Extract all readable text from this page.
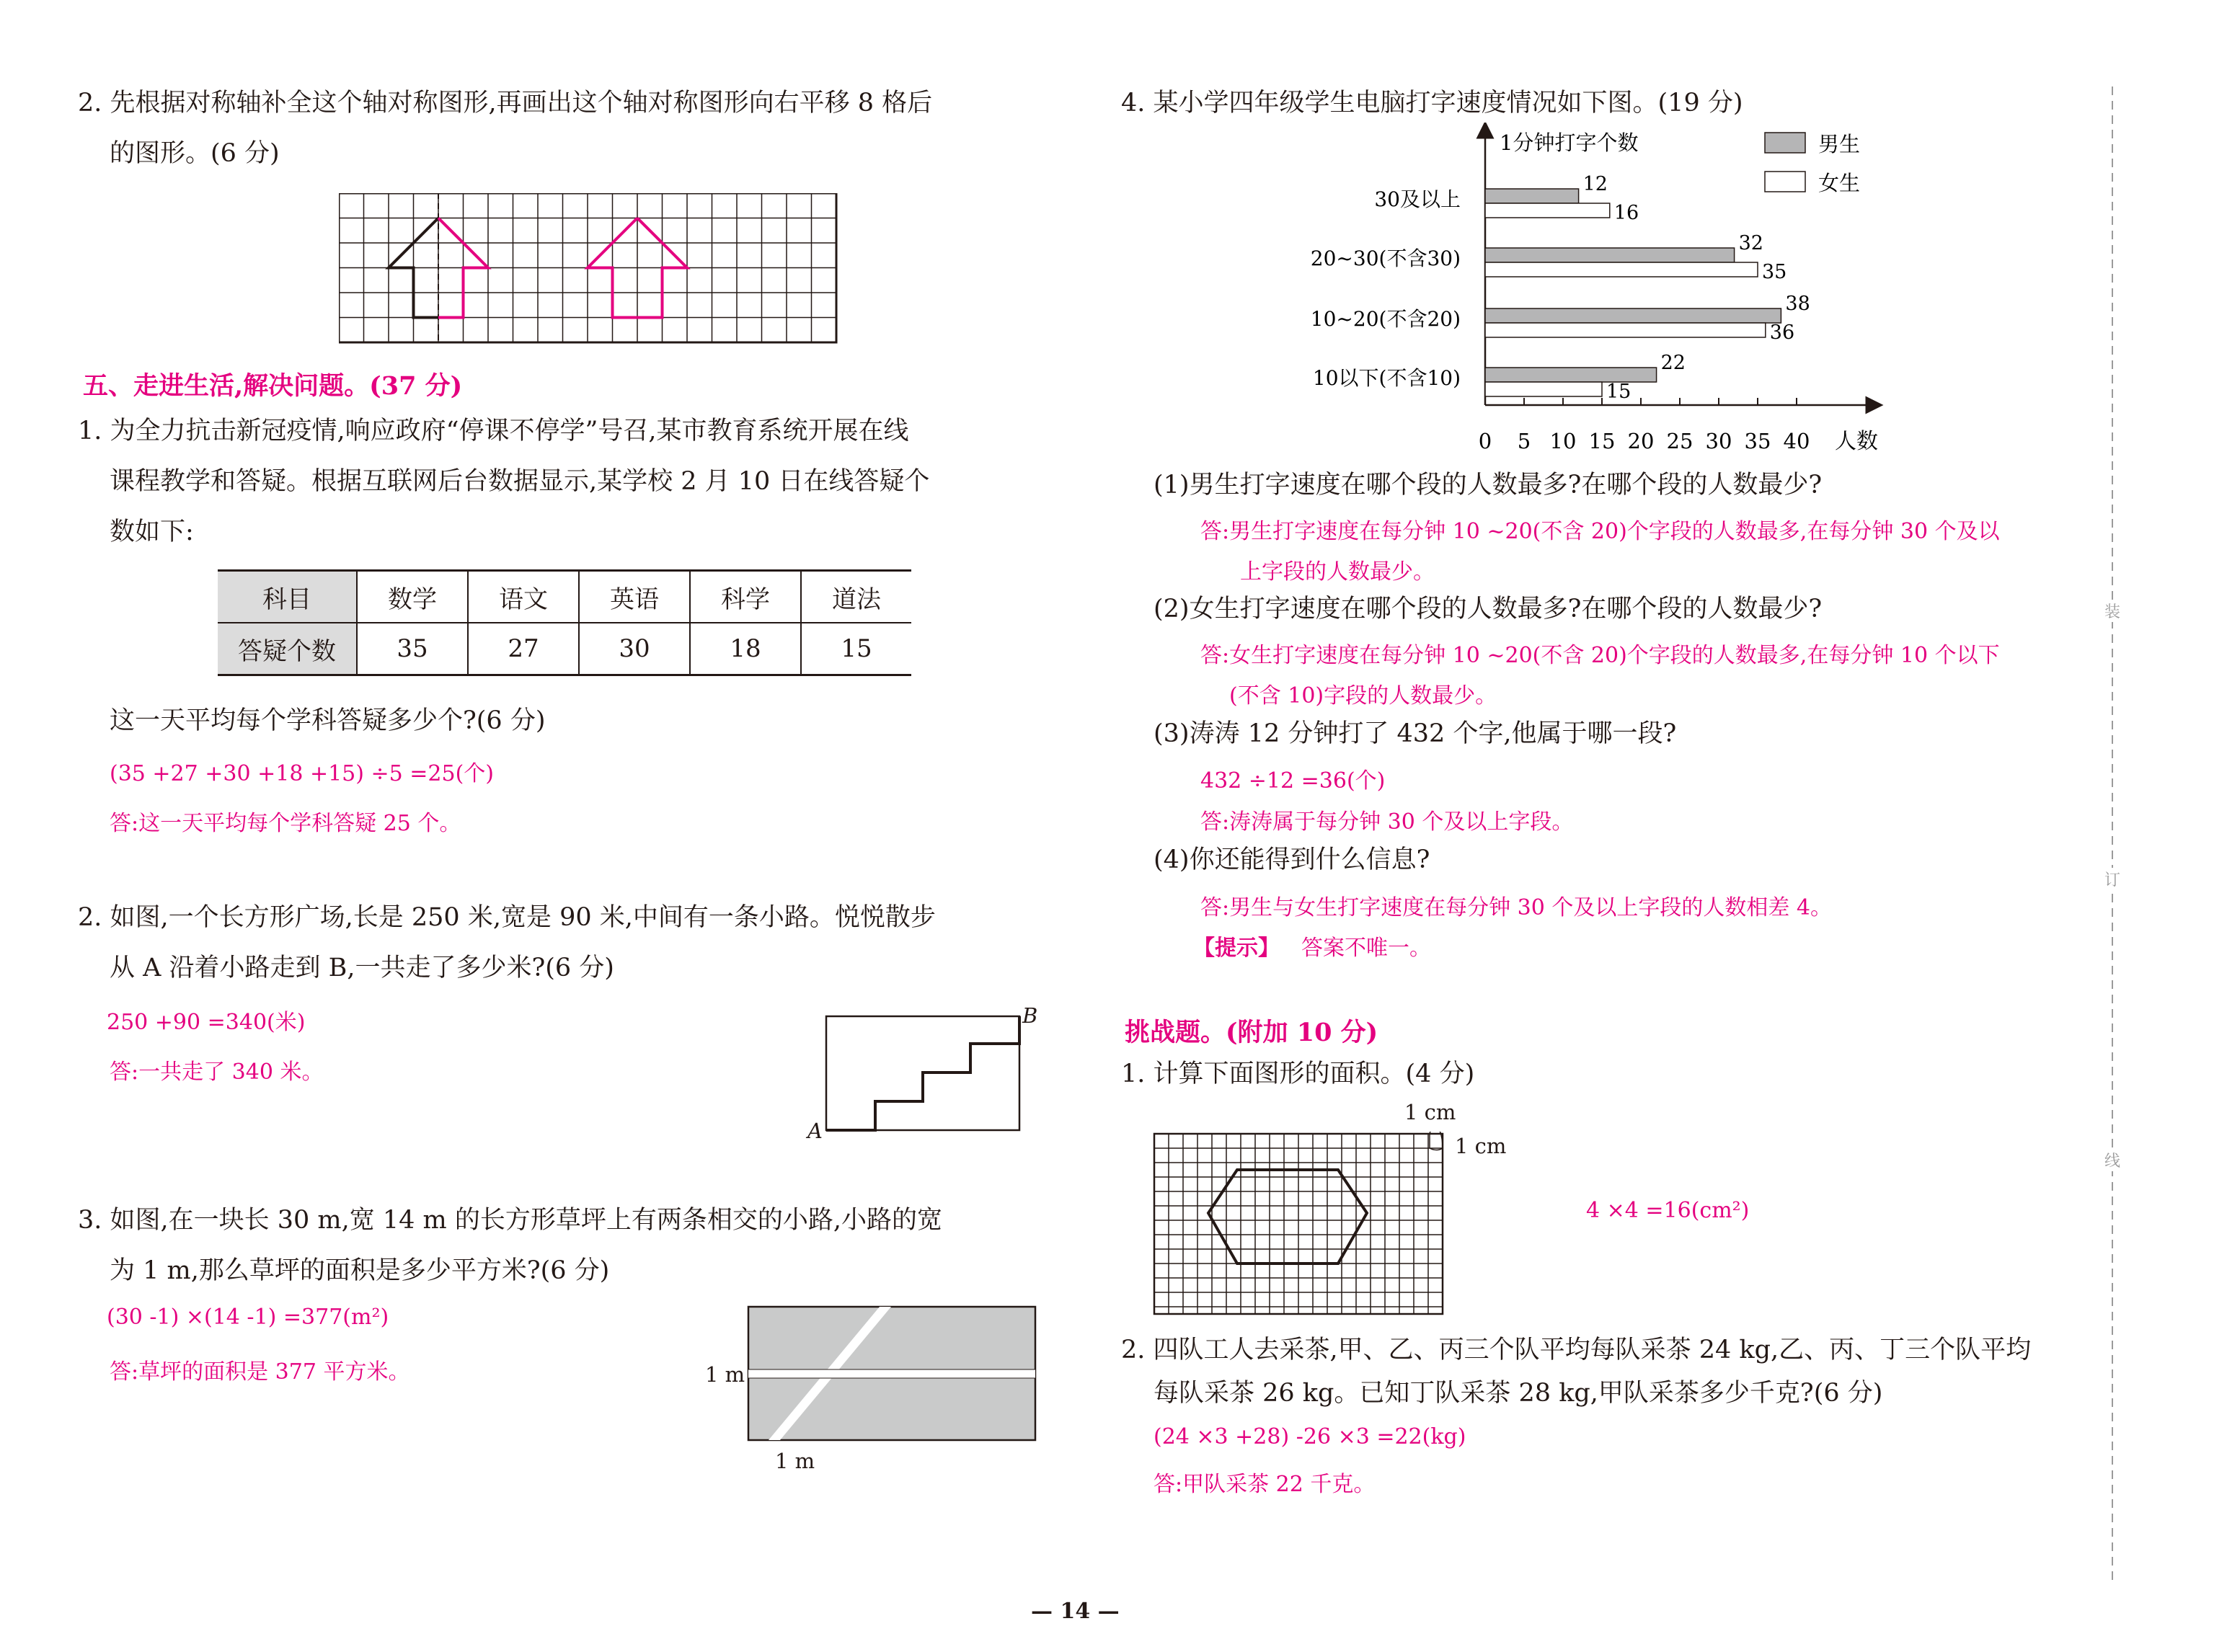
2. 先根据对称轴补全这个轴对称图形,再画出这个轴对称图形向右平移 8 格后
的图形。(6 分)
五、走进生活,解决问题。(37 分)
1. 为全力抗击新冠疫情,响应政府“停课不停学”号召,某市教育系统开展在线
课程教学和答疑。根据互联网后台数据显示,某学校 2 月 10 日在线答疑个
数如下:
科目	数学	语文	英语	科学	道法
答疑个数	35	27	30	18	15
这一天平均每个学科答疑多少个?(6 分)
(35 +27 +30 +18 +15) ÷5 =25(个)
答:这一天平均每个学科答疑 25 个。
2. 如图,一个长方形广场,长是 250 米,宽是 90 米,中间有一条小路。悦悦散步
从 A 沿着小路走到 B,一共走了多少米?(6 分)
250 +90 =340(米)
答:一共走了 340 米。
A
B
3. 如图,在一块长 30 m,宽 14 m 的长方形草坪上有两条相交的小路,小路的宽
为 1 m,那么草坪的面积是多少平方米?(6 分)
(30 -1) ×(14 -1) =377(m²)
答:草坪的面积是 377 平方米。	1 m
1 m
4. 某小学四年级学生电脑打字速度情况如下图。(19 分)
1分钟打字个数
人数
男生
女生
30及以上
12
16
20~30(不含30)
32
35
10~20(不含20)
38
36
10以下(不含10)
22
15
0 5 10 15 20 25 30 35 40
(1)男生打字速度在哪个段的人数最多?在哪个段的人数最少?
答:男生打字速度在每分钟 10 ~20(不含 20)个字段的人数最多,在每分钟 30 个及以
上字段的人数最少。
(2)女生打字速度在哪个段的人数最多?在哪个段的人数最少?
答:女生打字速度在每分钟 10 ~20(不含 20)个字段的人数最多,在每分钟 10 个以下
(不含 10)字段的人数最少。
(3)涛涛 12 分钟打了 432 个字,他属于哪一段?
432 ÷12 =36(个)
答:涛涛属于每分钟 30 个及以上字段。
(4)你还能得到什么信息?
答:男生与女生打字速度在每分钟 30 个及以上字段的人数相差 4。
【提示】 答案不唯一。
挑战题。(附加 10 分)
1. 计算下面图形的面积。(4 分)
1 cm
1 cm
4 ×4 =16(cm²)
2. 四队工人去采茶,甲、乙、丙三个队平均每队采茶 24 kg,乙、丙、丁三个队平均
每队采茶 26 kg。已知丁队采茶 28 kg,甲队采茶多少千克?(6 分)
(24 ×3 +28) -26 ×3 =22(kg)
答:甲队采茶 22 千克。
装
订
线
— 14 —
